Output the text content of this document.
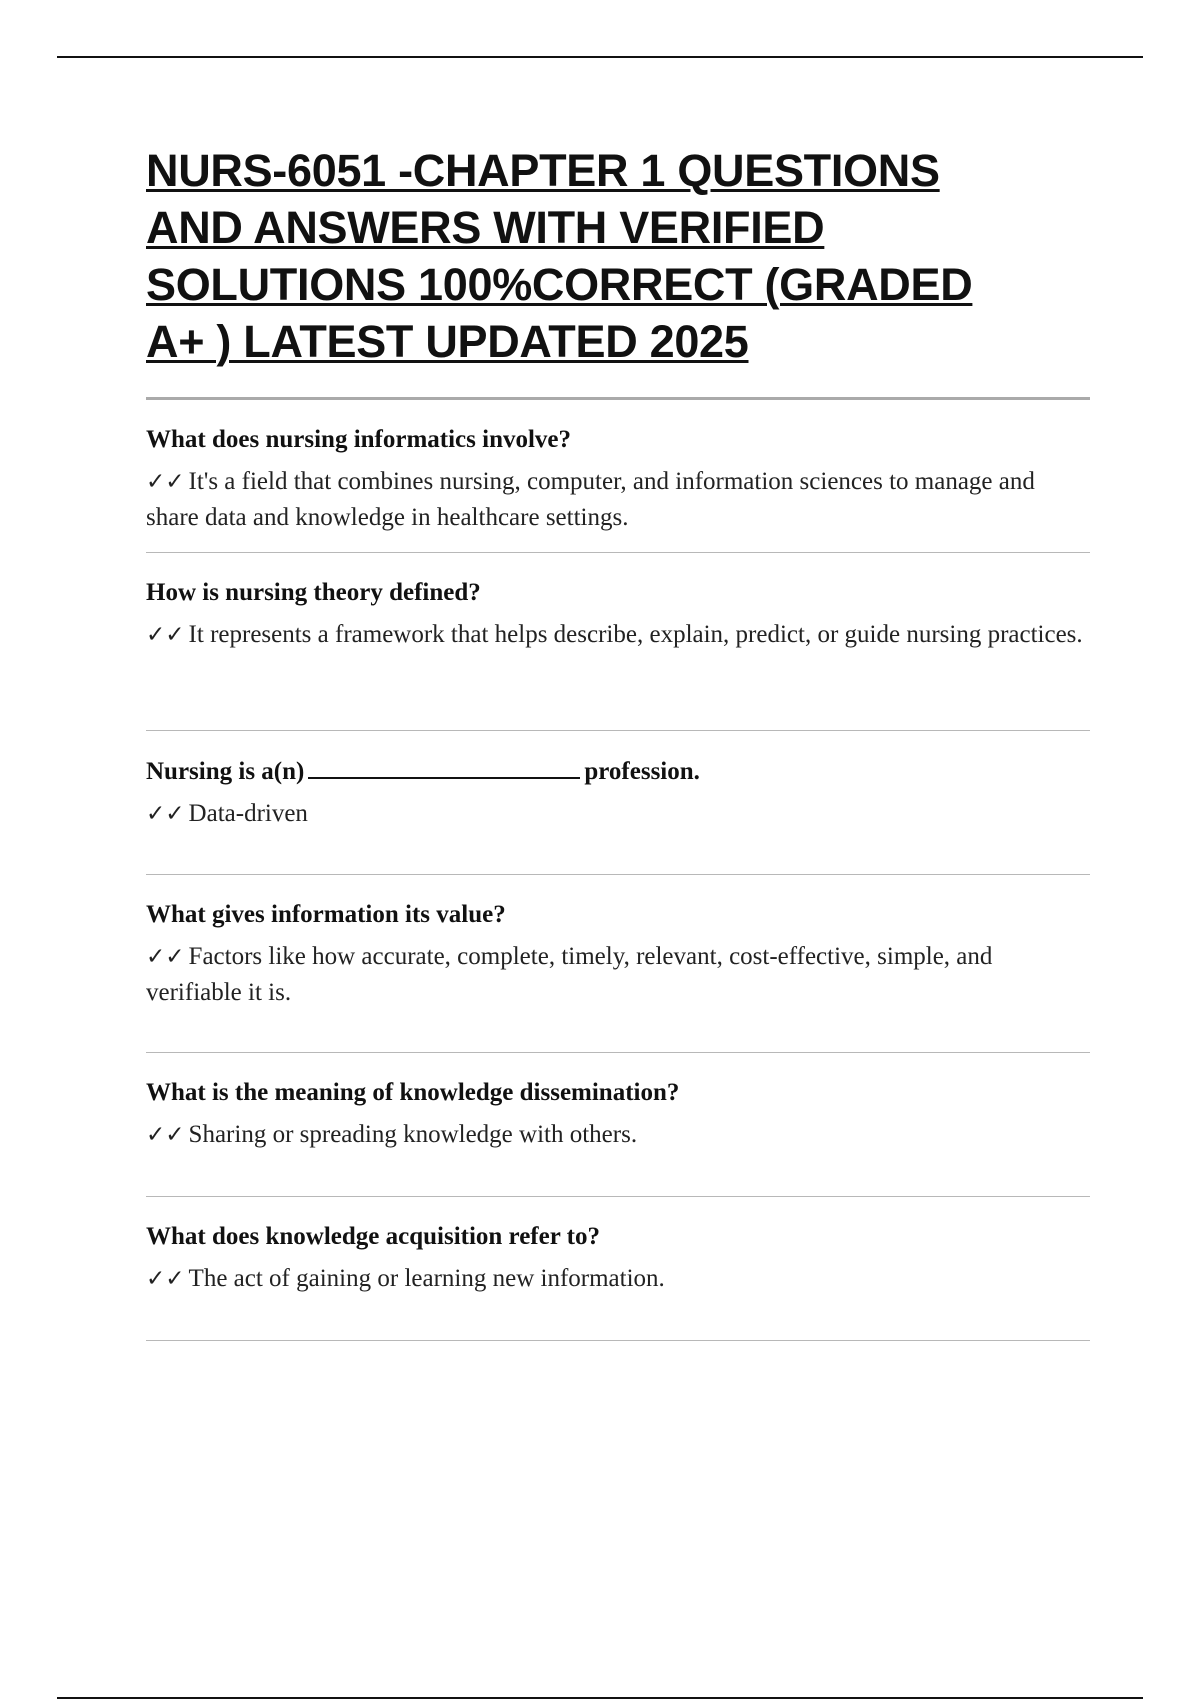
NURS-6051 -CHAPTER 1 QUESTIONS
AND ANSWERS WITH VERIFIED
SOLUTIONS 100%CORRECT (GRADED
A+ ) LATEST UPDATED 2025

What does nursing informatics involve?

✓✓ It's a field that combines nursing, computer, and information sciences to manage and share data and knowledge in healthcare settings.

How is nursing theory defined?

✓✓ It represents a framework that helps describe, explain, predict, or guide nursing practices.

Nursing is a(n)	profession.

✓✓ Data-driven

What gives information its value?

✓✓ Factors like how accurate, complete, timely, relevant, cost-effective, simple, and verifiable it is.

What is the meaning of knowledge dissemination?

✓✓ Sharing or spreading knowledge with others.

What does knowledge acquisition refer to?

✓✓ The act of gaining or learning new information.
